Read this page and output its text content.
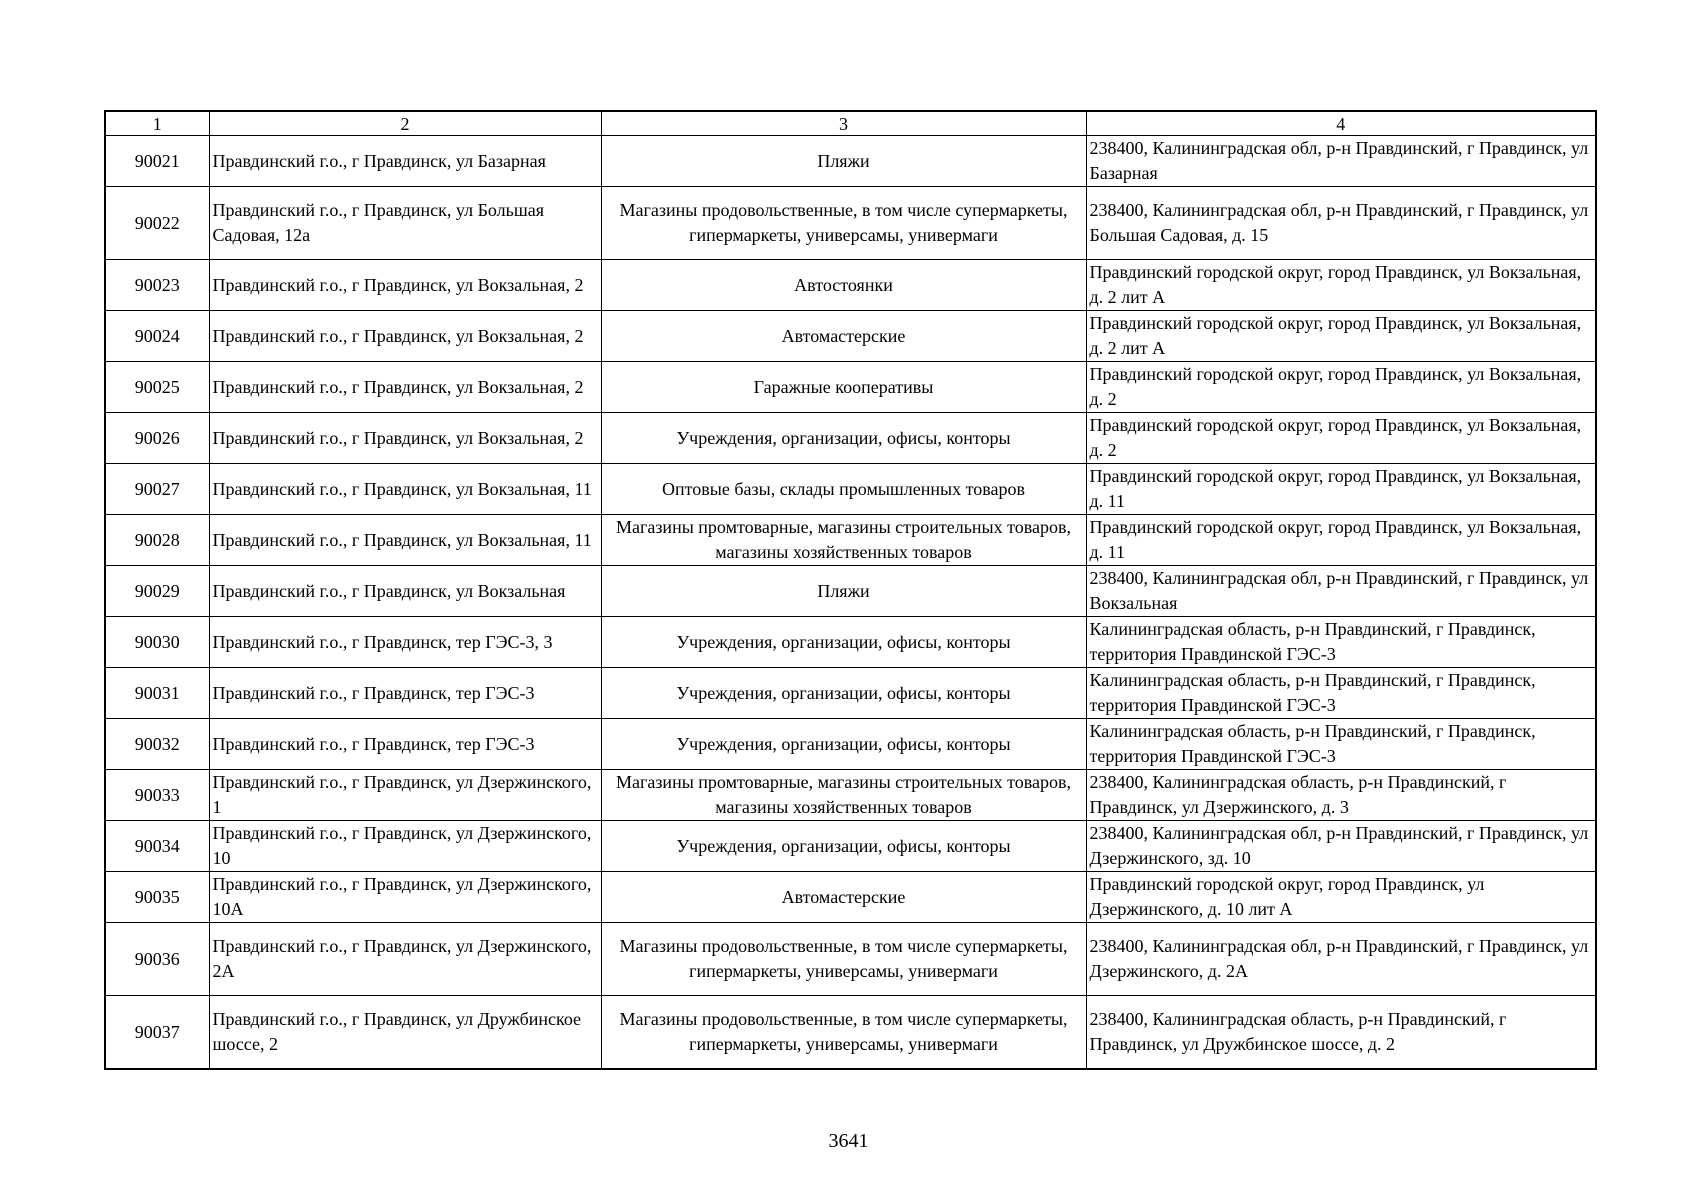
1	2	3	4
90021	Правдинский г.о., г Правдинск, ул Базарная	Пляжи	238400, Калининградская обл, р-н Правдинский, г Правдинск, ул Базарная
90022	Правдинский г.о., г Правдинск, ул Большая Садовая, 12а	Магазины продовольственные, в том числе супермаркеты, гипермаркеты, универсамы, универмаги	238400, Калининградская обл, р-н Правдинский, г Правдинск, ул Большая Садовая, д. 15
90023	Правдинский г.о., г Правдинск, ул Вокзальная, 2	Автостоянки	Правдинский городской округ, город Правдинск, ул Вокзальная, д. 2 лит А
90024	Правдинский г.о., г Правдинск, ул Вокзальная, 2	Автомастерские	Правдинский городской округ, город Правдинск, ул Вокзальная, д. 2 лит А
90025	Правдинский г.о., г Правдинск, ул Вокзальная, 2	Гаражные кооперативы	Правдинский городской округ, город Правдинск, ул Вокзальная, д. 2
90026	Правдинский г.о., г Правдинск, ул Вокзальная, 2	Учреждения, организации, офисы, конторы	Правдинский городской округ, город Правдинск, ул Вокзальная, д. 2
90027	Правдинский г.о., г Правдинск, ул Вокзальная, 11	Оптовые базы, склады промышленных товаров	Правдинский городской округ, город Правдинск, ул Вокзальная, д. 11
90028	Правдинский г.о., г Правдинск, ул Вокзальная, 11	Магазины промтоварные, магазины строительных товаров, магазины хозяйственных товаров	Правдинский городской округ, город Правдинск, ул Вокзальная, д. 11
90029	Правдинский г.о., г Правдинск, ул Вокзальная	Пляжи	238400, Калининградская обл, р-н Правдинский, г Правдинск, ул Вокзальная
90030	Правдинский г.о., г Правдинск, тер ГЭС-3, 3	Учреждения, организации, офисы, конторы	Калининградская область, р-н Правдинский, г Правдинск, территория Правдинской ГЭС-3
90031	Правдинский г.о., г Правдинск, тер ГЭС-3	Учреждения, организации, офисы, конторы	Калининградская область, р-н Правдинский, г Правдинск, территория Правдинской ГЭС-3
90032	Правдинский г.о., г Правдинск, тер ГЭС-3	Учреждения, организации, офисы, конторы	Калининградская область, р-н Правдинский, г Правдинск, территория Правдинской ГЭС-3
90033	Правдинский г.о., г Правдинск, ул Дзержинского, 1	Магазины промтоварные, магазины строительных товаров, магазины хозяйственных товаров	238400, Калининградская область, р-н Правдинский, г Правдинск, ул Дзержинского, д. 3
90034	Правдинский г.о., г Правдинск, ул Дзержинского, 10	Учреждения, организации, офисы, конторы	238400, Калининградская обл, р-н Правдинский, г Правдинск, ул Дзержинского, зд. 10
90035	Правдинский г.о., г Правдинск, ул Дзержинского, 10А	Автомастерские	Правдинский городской округ, город Правдинск, ул Дзержинского, д. 10 лит А
90036	Правдинский г.о., г Правдинск, ул Дзержинского, 2А	Магазины продовольственные, в том числе супермаркеты, гипермаркеты, универсамы, универмаги	238400, Калининградская обл, р-н Правдинский, г Правдинск, ул Дзержинского, д. 2А
90037	Правдинский г.о., г Правдинск, ул Дружбинское шоссе, 2	Магазины продовольственные, в том числе супермаркеты, гипермаркеты, универсамы, универмаги	238400, Калининградская область, р-н Правдинский, г Правдинск, ул Дружбинское шоссе, д. 2
3641
